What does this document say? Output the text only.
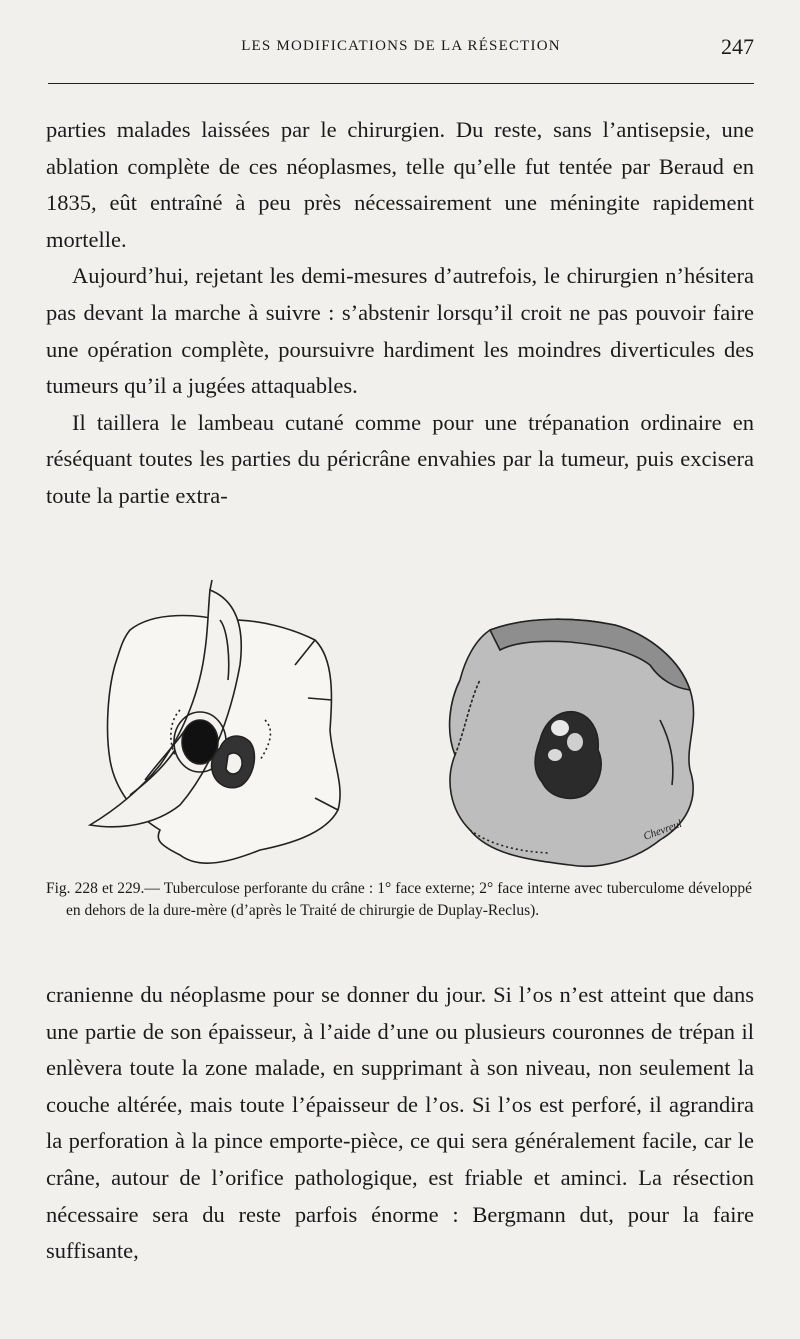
LES MODIFICATIONS DE LA RÉSECTION	247

parties malades laissées par le chirurgien. Du reste, sans l’antisepsie, une ablation complète de ces néoplasmes, telle qu’elle fut tentée par Beraud en 1835, eût entraîné à peu près nécessairement une méningite rapidement mortelle.

Aujourd’hui, rejetant les demi-mesures d’autrefois, le chirurgien n’hésitera pas devant la marche à suivre : s’abstenir lorsqu’il croit ne pas pouvoir faire une opération complète, poursuivre hardiment les moindres diverticules des tumeurs qu’il a jugées attaquables.

Il taillera le lambeau cutané comme pour une trépanation ordinaire en réséquant toutes les parties du péricrâne envahies par la tumeur, puis excisera toute la partie extra-

Chevreul
Fig. 228 et 229.— Tuberculose perforante du crâne : 1° face externe; 2° face interne avec tuberculome développé en dehors de la dure-mère (d’après le Traité de chirurgie de Duplay-Reclus).

cranienne du néoplasme pour se donner du jour. Si l’os n’est atteint que dans une partie de son épaisseur, à l’aide d’une ou plusieurs couronnes de trépan il enlèvera toute la zone malade, en supprimant à son niveau, non seulement la couche altérée, mais toute l’épaisseur de l’os. Si l’os est perforé, il agrandira la perforation à la pince emporte-pièce, ce qui sera généralement facile, car le crâne, autour de l’orifice pathologique, est friable et aminci. La résection nécessaire sera du reste parfois énorme : Bergmann dut, pour la faire suffisante,
